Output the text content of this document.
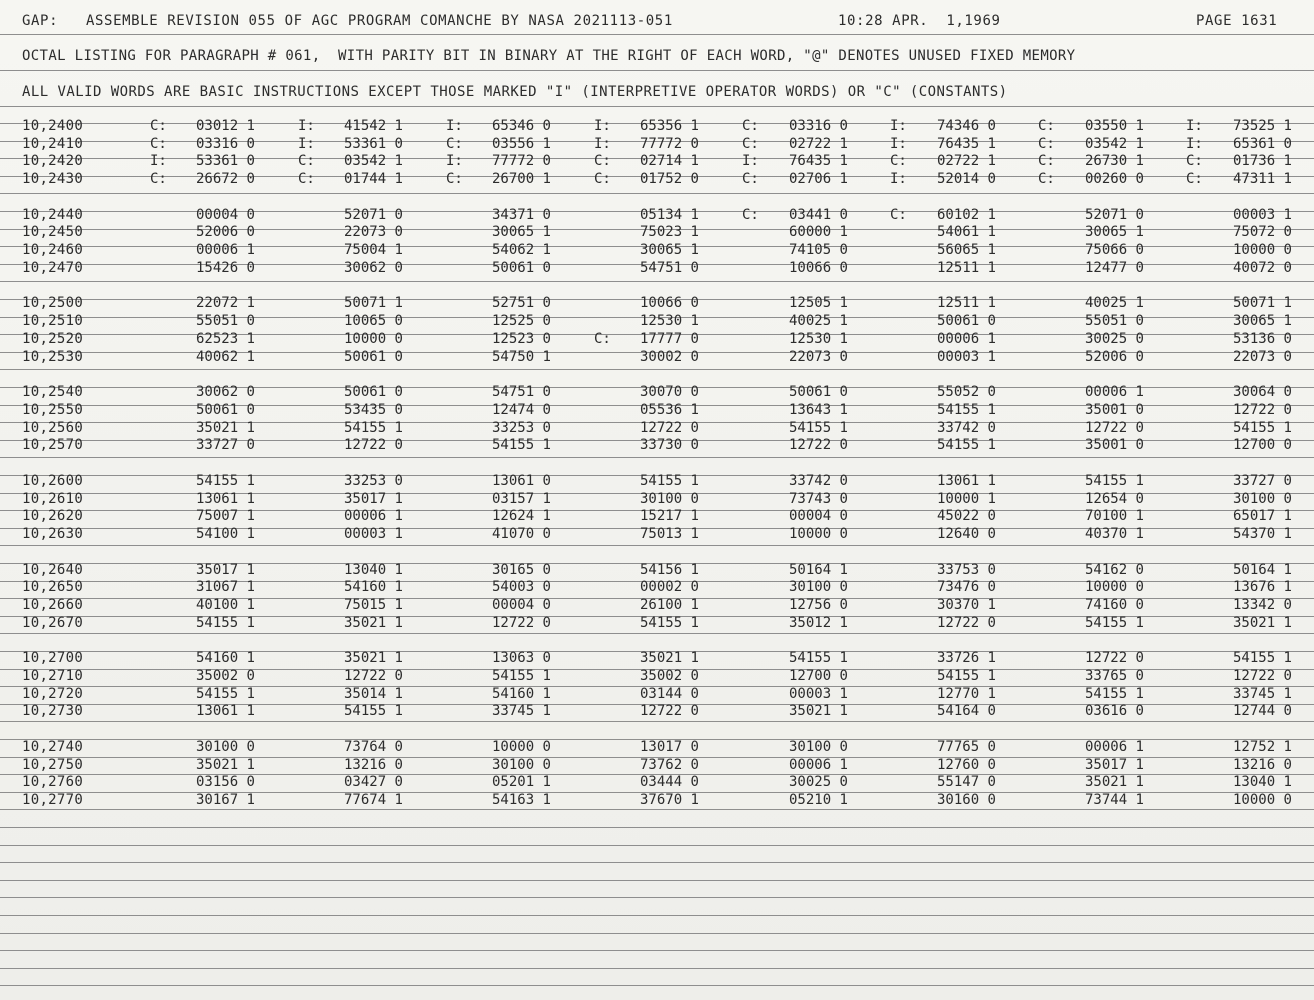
GAP:

ASSEMBLE REVISION 055 OF AGC PROGRAM COMANCHE BY NASA 2021113-051

	10:28 APR.  1,1969

	PAGE 1631

OCTAL LISTING FOR PARAGRAPH # 061,  WITH PARITY BIT IN BINARY AT THE RIGHT OF EACH WORD, "@" DENOTES UNUSED FIXED MEMORY

ALL VALID WORDS ARE BASIC INSTRUCTIONS EXCEPT THOSE MARKED "I" (INTERPRETIVE OPERATOR WORDS) OR "C" (CONSTANTS)

10,2400	C: 03012 1	I: 41542 1	I: 65346 0	I: 65356 1	C: 03316 0	I: 74346 0	C: 03550 1	I: 73525 1
10,2410	C: 03316 0	I: 53361 0	C: 03556 1	I: 77772 0	C: 02722 1	I: 76435 1	C: 03542 1	I: 65361 0
10,2420	I: 53361 0	C: 03542 1	I: 77772 0	C: 02714 1	I: 76435 1	C: 02722 1	C: 26730 1	C: 01736 1
10,2430	C: 26672 0	C: 01744 1	C: 26700 1	C: 01752 0	C: 02706 1	I: 52014 0	C: 00260 0	C: 47311 1
10,2440	00004 0	52071 0	34371 0	05134 1	C: 03441 0	C: 60102 1	52071 0	00003 1
10,2450	52006 0	22073 0	30065 1	75023 1	60000 1	54061 1	30065 1	75072 0
10,2460	00006 1	75004 1	54062 1	30065 1	74105 0	56065 1	75066 0	10000 0
10,2470	15426 0	30062 0	50061 0	54751 0	10066 0	12511 1	12477 0	40072 0
10,2500	22072 1	50071 1	52751 0	10066 0	12505 1	12511 1	40025 1	50071 1
10,2510	55051 0	10065 0	12525 0	12530 1	40025 1	50061 0	55051 0	30065 1
10,2520	62523 1	10000 0	12523 0	C: 17777 0	12530 1	00006 1	30025 0	53136 0
10,2530	40062 1	50061 0	54750 1	30002 0	22073 0	00003 1	52006 0	22073 0
10,2540	30062 0	50061 0	54751 0	30070 0	50061 0	55052 0	00006 1	30064 0
10,2550	50061 0	53435 0	12474 0	05536 1	13643 1	54155 1	35001 0	12722 0
10,2560	35021 1	54155 1	33253 0	12722 0	54155 1	33742 0	12722 0	54155 1
10,2570	33727 0	12722 0	54155 1	33730 0	12722 0	54155 1	35001 0	12700 0
10,2600	54155 1	33253 0	13061 0	54155 1	33742 0	13061 1	54155 1	33727 0
10,2610	13061 1	35017 1	03157 1	30100 0	73743 0	10000 1	12654 0	30100 0
10,2620	75007 1	00006 1	12624 1	15217 1	00004 0	45022 0	70100 1	65017 1
10,2630	54100 1	00003 1	41070 0	75013 1	10000 0	12640 0	40370 1	54370 1
10,2640	35017 1	13040 1	30165 0	54156 1	50164 1	33753 0	54162 0	50164 1
10,2650	31067 1	54160 1	54003 0	00002 0	30100 0	73476 0	10000 0	13676 1
10,2660	40100 1	75015 1	00004 0	26100 1	12756 0	30370 1	74160 0	13342 0
10,2670	54155 1	35021 1	12722 0	54155 1	35012 1	12722 0	54155 1	35021 1
10,2700	54160 1	35021 1	13063 0	35021 1	54155 1	33726 1	12722 0	54155 1
10,2710	35002 0	12722 0	54155 1	35002 0	12700 0	54155 1	33765 0	12722 0
10,2720	54155 1	35014 1	54160 1	03144 0	00003 1	12770 1	54155 1	33745 1
10,2730	13061 1	54155 1	33745 1	12722 0	35021 1	54164 0	03616 0	12744 0
10,2740	30100 0	73764 0	10000 0	13017 0	30100 0	77765 0	00006 1	12752 1
10,2750	35021 1	13216 0	30100 0	73762 0	00006 1	12760 0	35017 1	13216 0
10,2760	03156 0	03427 0	05201 1	03444 0	30025 0	55147 0	35021 1	13040 1
10,2770	30167 1	77674 1	54163 1	37670 1	05210 1	30160 0	73744 1	10000 0
